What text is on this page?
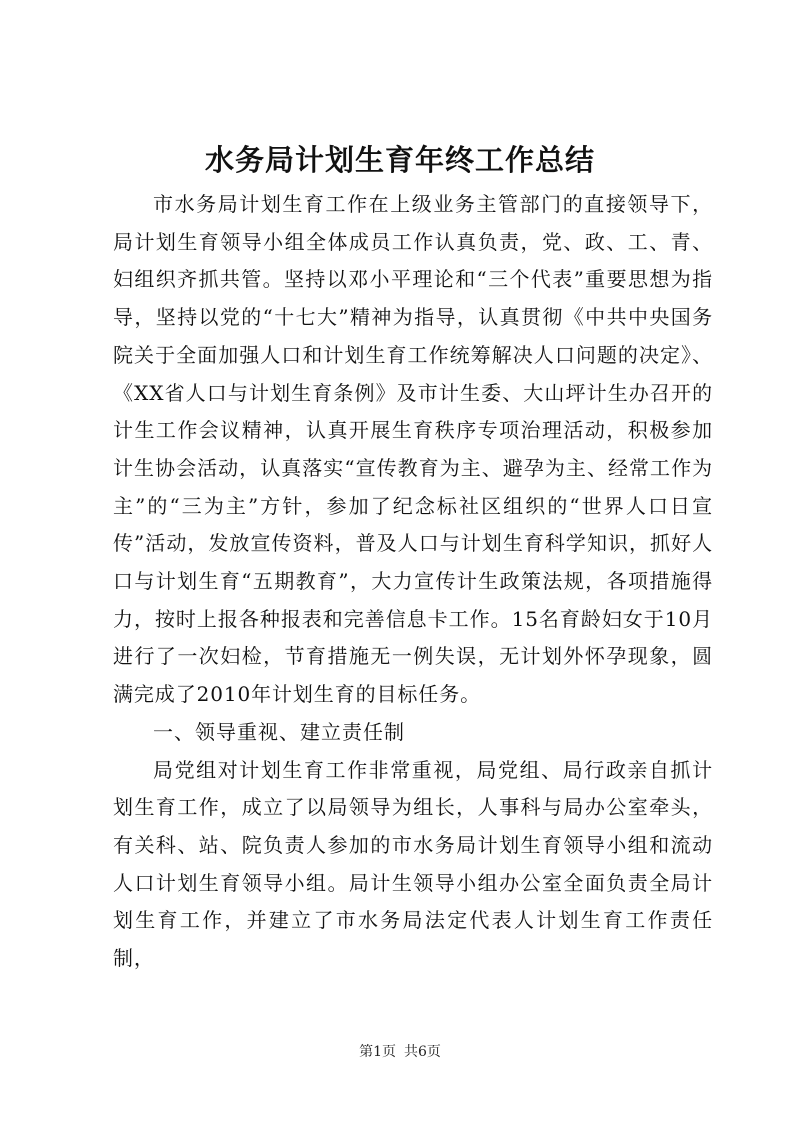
水务局计划生育年终工作总结

市水务局计划生育工作在上级业务主管部门的直接领导下，局计划生育领导小组全体成员工作认真负责，党、政、工、青、妇组织齐抓共管。坚持以邓小平理论和“三个代表”重要思想为指导，坚持以党的“十七大”精神为指导，认真贯彻《中共中央国务院关于全面加强人口和计划生育工作统筹解决人口问题的决定》、《XX省人口与计划生育条例》及市计生委、大山坪计生办召开的计生工作会议精神，认真开展生育秩序专项治理活动，积极参加计生协会活动，认真落实“宣传教育为主、避孕为主、经常工作为主”的“三为主”方针，参加了纪念标社区组织的“世界人口日宣传”活动，发放宣传资料，普及人口与计划生育科学知识，抓好人口与计划生育“五期教育”，大力宣传计生政策法规，各项措施得力，按时上报各种报表和完善信息卡工作。15名育龄妇女于10月进行了一次妇检，节育措施无一例失误，无计划外怀孕现象，圆满完成了2010年计划生育的目标任务。

一、领导重视、建立责任制

局党组对计划生育工作非常重视，局党组、局行政亲自抓计划生育工作，成立了以局领导为组长，人事科与局办公室牵头，有关科、站、院负责人参加的市水务局计划生育领导小组和流动人口计划生育领导小组。局计生领导小组办公室全面负责全局计划生育工作，并建立了市水务局法定代表人计划生育工作责任制，

第1页 共6页
